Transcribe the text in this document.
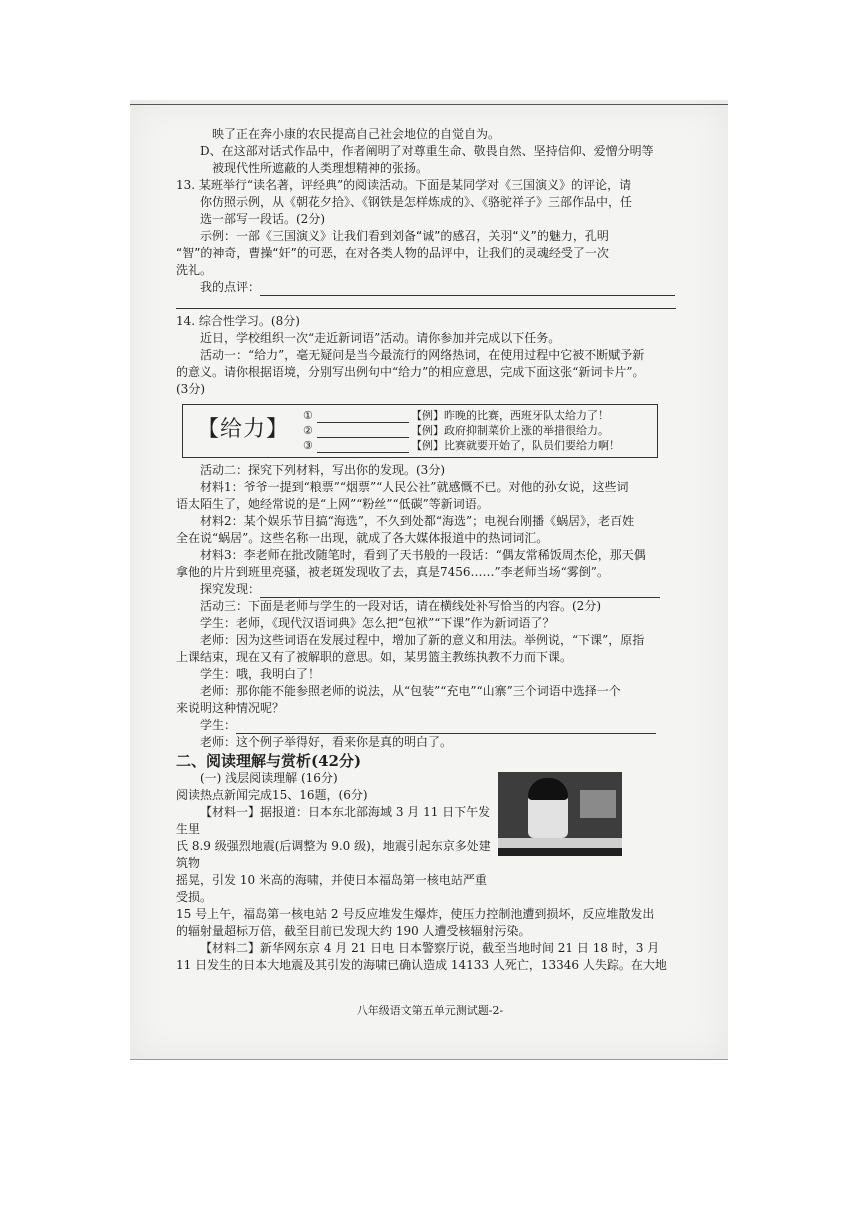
映了正在奔小康的农民提高自己社会地位的自觉自为。

D、在这部对话式作品中，作者阐明了对尊重生命、敬畏自然、坚持信仰、爱憎分明等

被现代性所遮蔽的人类理想精神的张扬。

13. 某班举行“读名著，评经典”的阅读活动。下面是某同学对《三国演义》的评论，请

你仿照示例，从《朝花夕拾》、《钢铁是怎样炼成的》、《骆驼祥子》三部作品中，任

选一部写一段话。(2分)

示例：一部《三国演义》让我们看到刘备“诚”的感召，关羽“义”的魅力，孔明

“智”的神奇，曹操“奸”的可恶，在对各类人物的品评中，让我们的灵魂经受了一次

洗礼。

我的点评：

14. 综合性学习。(8分)

近日，学校组织一次“走近新词语”活动。请你参加并完成以下任务。

活动一：“给力”，毫无疑问是当今最流行的网络热词，在使用过程中它被不断赋予新

的意义。请你根据语境，分别写出例句中“给力”的相应意思，完成下面这张“新词卡片”。

(3分)

【给力】
①	【例】昨晚的比赛，西班牙队太给力了！
②	【例】政府抑制菜价上涨的举措很给力。
③	【例】比赛就要开始了，队员们要给力啊！

活动二：探究下列材料，写出你的发现。(3分)

材料1：爷爷一提到“粮票”“烟票”“人民公社”就感慨不已。对他的孙女说，这些词

语太陌生了，她经常说的是“上网”“粉丝”“低碳”等新词语。

材料2：某个娱乐节目搞“海选”，不久到处都“海选”；电视台刚播《蜗居》，老百姓

全在说“蜗居”。这些名称一出现，就成了各大媒体报道中的热词词汇。

材料3：李老师在批改随笔时，看到了天书般的一段话：“偶友常稀饭周杰伦，那天偶

拿他的片片到班里亮骚，被老斑发现收了去，真是7456……”李老师当场“雾倒”。

探究发现：

活动三：下面是老师与学生的一段对话，请在横线处补写恰当的内容。(2分)

学生：老师，《现代汉语词典》怎么把“包袱”“下课”作为新词语了？

老师：因为这些词语在发展过程中，增加了新的意义和用法。举例说，“下课”，原指

上课结束，现在又有了被解职的意思。如，某男篮主教练执教不力而下课。

学生：哦，我明白了！

老师：那你能不能参照老师的说法，从“包装”“充电”“山寨”三个词语中选择一个

来说明这种情况呢？

学生：

老师：这个例子举得好，看来你是真的明白了。

二、阅读理解与赏析(42分)

(一) 浅层阅读理解 (16分)

阅读热点新闻完成15、16题，(6分)

【材料一】据报道：日本东北部海域 3 月 11 日下午发生里

氏 8.9 级强烈地震(后调整为 9.0 级)，地震引起东京多处建筑物

摇晃，引发 10 米高的海啸，并使日本福岛第一核电站严重受损。

15 号上午，福岛第一核电站 2 号反应堆发生爆炸，使压力控制池遭到损坏，反应堆散发出

的辐射量超标万倍，截至目前已发现大约 190 人遭受核辐射污染。

【材料二】新华网东京 4 月 21 日电 日本警察厅说，截至当地时间 21 日 18 时，3 月

11 日发生的日本大地震及其引发的海啸已确认造成 14133 人死亡，13346 人失踪。在大地

八年级语文第五单元测试题-2-
